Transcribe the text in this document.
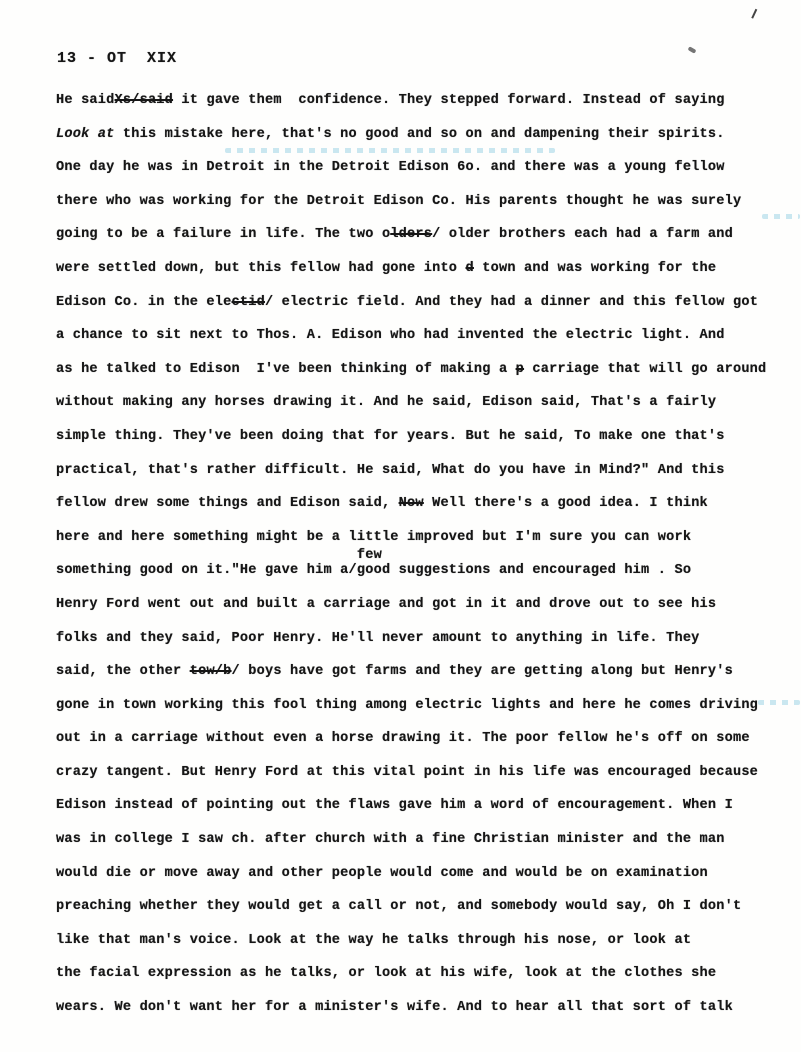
13 - OT  XIX
He saidXs/said it gave them  confidence. They stepped forward. Instead of saying
Look at this mistake here, that's no good and so on and dampening their spirits.
One day he was in Detroit in the Detroit Edison 6o. and there was a young fellow
there who was working for the Detroit Edison Co. His parents thought he was surely
going to be a failure in life. The two olders/ older brothers each had a farm and
were settled down, but this fellow had gone into d town and was working for the
Edison Co. in the electid/ electric field. And they had a dinner and this fellow got
a chance to sit next to Thos. A. Edison who had invented the electric light. And
as he talked to Edison  I've been thinking of making a p carriage that will go around
without making any horses drawing it. And he said, Edison said, That's a fairly
simple thing. They've been doing that for years. But he said, To make one that's
practical, that's rather difficult. He said, What do you have in Mind?" And this
fellow drew some things and Edison said, Now Well there's a good idea. I think
here and here something might be a little improved but I'm sure you can work
something good on it."He gave him a/fewgood suggestions and encouraged him . So
Henry Ford went out and built a carriage and got in it and drove out to see his
folks and they said, Poor Henry. He'll never amount to anything in life. They
said, the other tow/b/ boys have got farms and they are getting along but Henry's
gone in town working this fool thing among electric lights and here he comes driving
out in a carriage without even a horse drawing it. The poor fellow he's off on some
crazy tangent. But Henry Ford at this vital point in his life was encouraged because
Edison instead of pointing out the flaws gave him a word of encouragement. When I
was in college I saw ch. after church with a fine Christian minister and the man
would die or move away and other people would come and would be on examination
preaching whether they would get a call or not, and somebody would say, Oh I don't
like that man's voice. Look at the way he talks through his nose, or look at
the facial expression as he talks, or look at his wife, look at the clothes she
wears. We don't want her for a minister's wife. And to hear all that sort of talk
